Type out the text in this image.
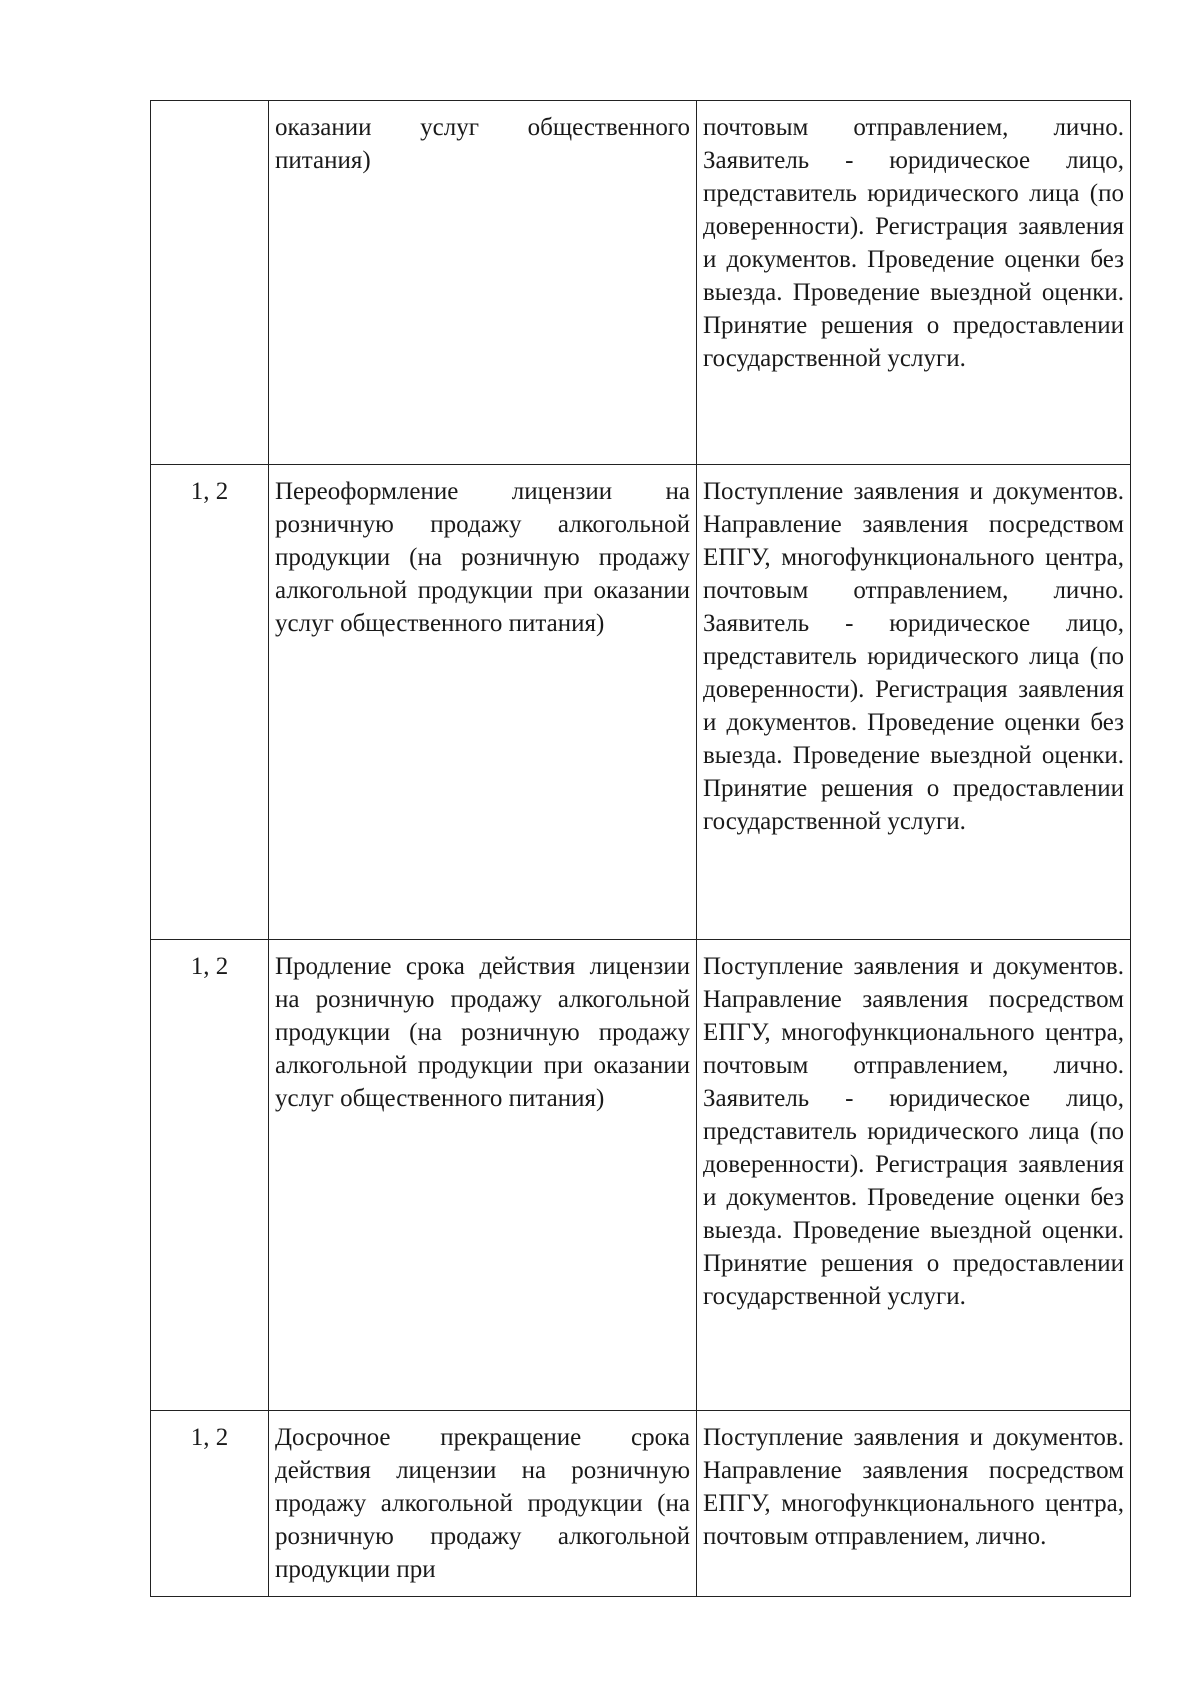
	оказании услуг общественного питания)	почтовым отправлением, лично. Заявитель - юридическое лицо, представитель юридического лица (по доверенности). Регистрация заявления и документов. Проведение оценки без выезда. Проведение выездной оценки. Принятие решения о предоставлении государственной услуги.
1, 2	Переоформление лицензии на розничную продажу алкогольной продукции (на розничную продажу алкогольной продукции при оказании услуг общественного питания)	Поступление заявления и документов. Направление заявления посредством ЕПГУ, многофункционального центра, почтовым отправлением, лично. Заявитель - юридическое лицо, представитель юридического лица (по доверенности). Регистрация заявления и документов. Проведение оценки без выезда. Проведение выездной оценки. Принятие решения о предоставлении государственной услуги.
1, 2	Продление срока действия лицензии на розничную продажу алкогольной продукции (на розничную продажу алкогольной продукции при оказании услуг общественного питания)	Поступление заявления и документов. Направление заявления посредством ЕПГУ, многофункционального центра, почтовым отправлением, лично. Заявитель - юридическое лицо, представитель юридического лица (по доверенности). Регистрация заявления и документов. Проведение оценки без выезда. Проведение выездной оценки. Принятие решения о предоставлении государственной услуги.
1, 2	Досрочное прекращение срока действия лицензии на розничную продажу алкогольной продукции (на розничную продажу алкогольной продукции при	Поступление заявления и документов. Направление заявления посредством ЕПГУ, многофункционального центра, почтовым отправлением, лично.
